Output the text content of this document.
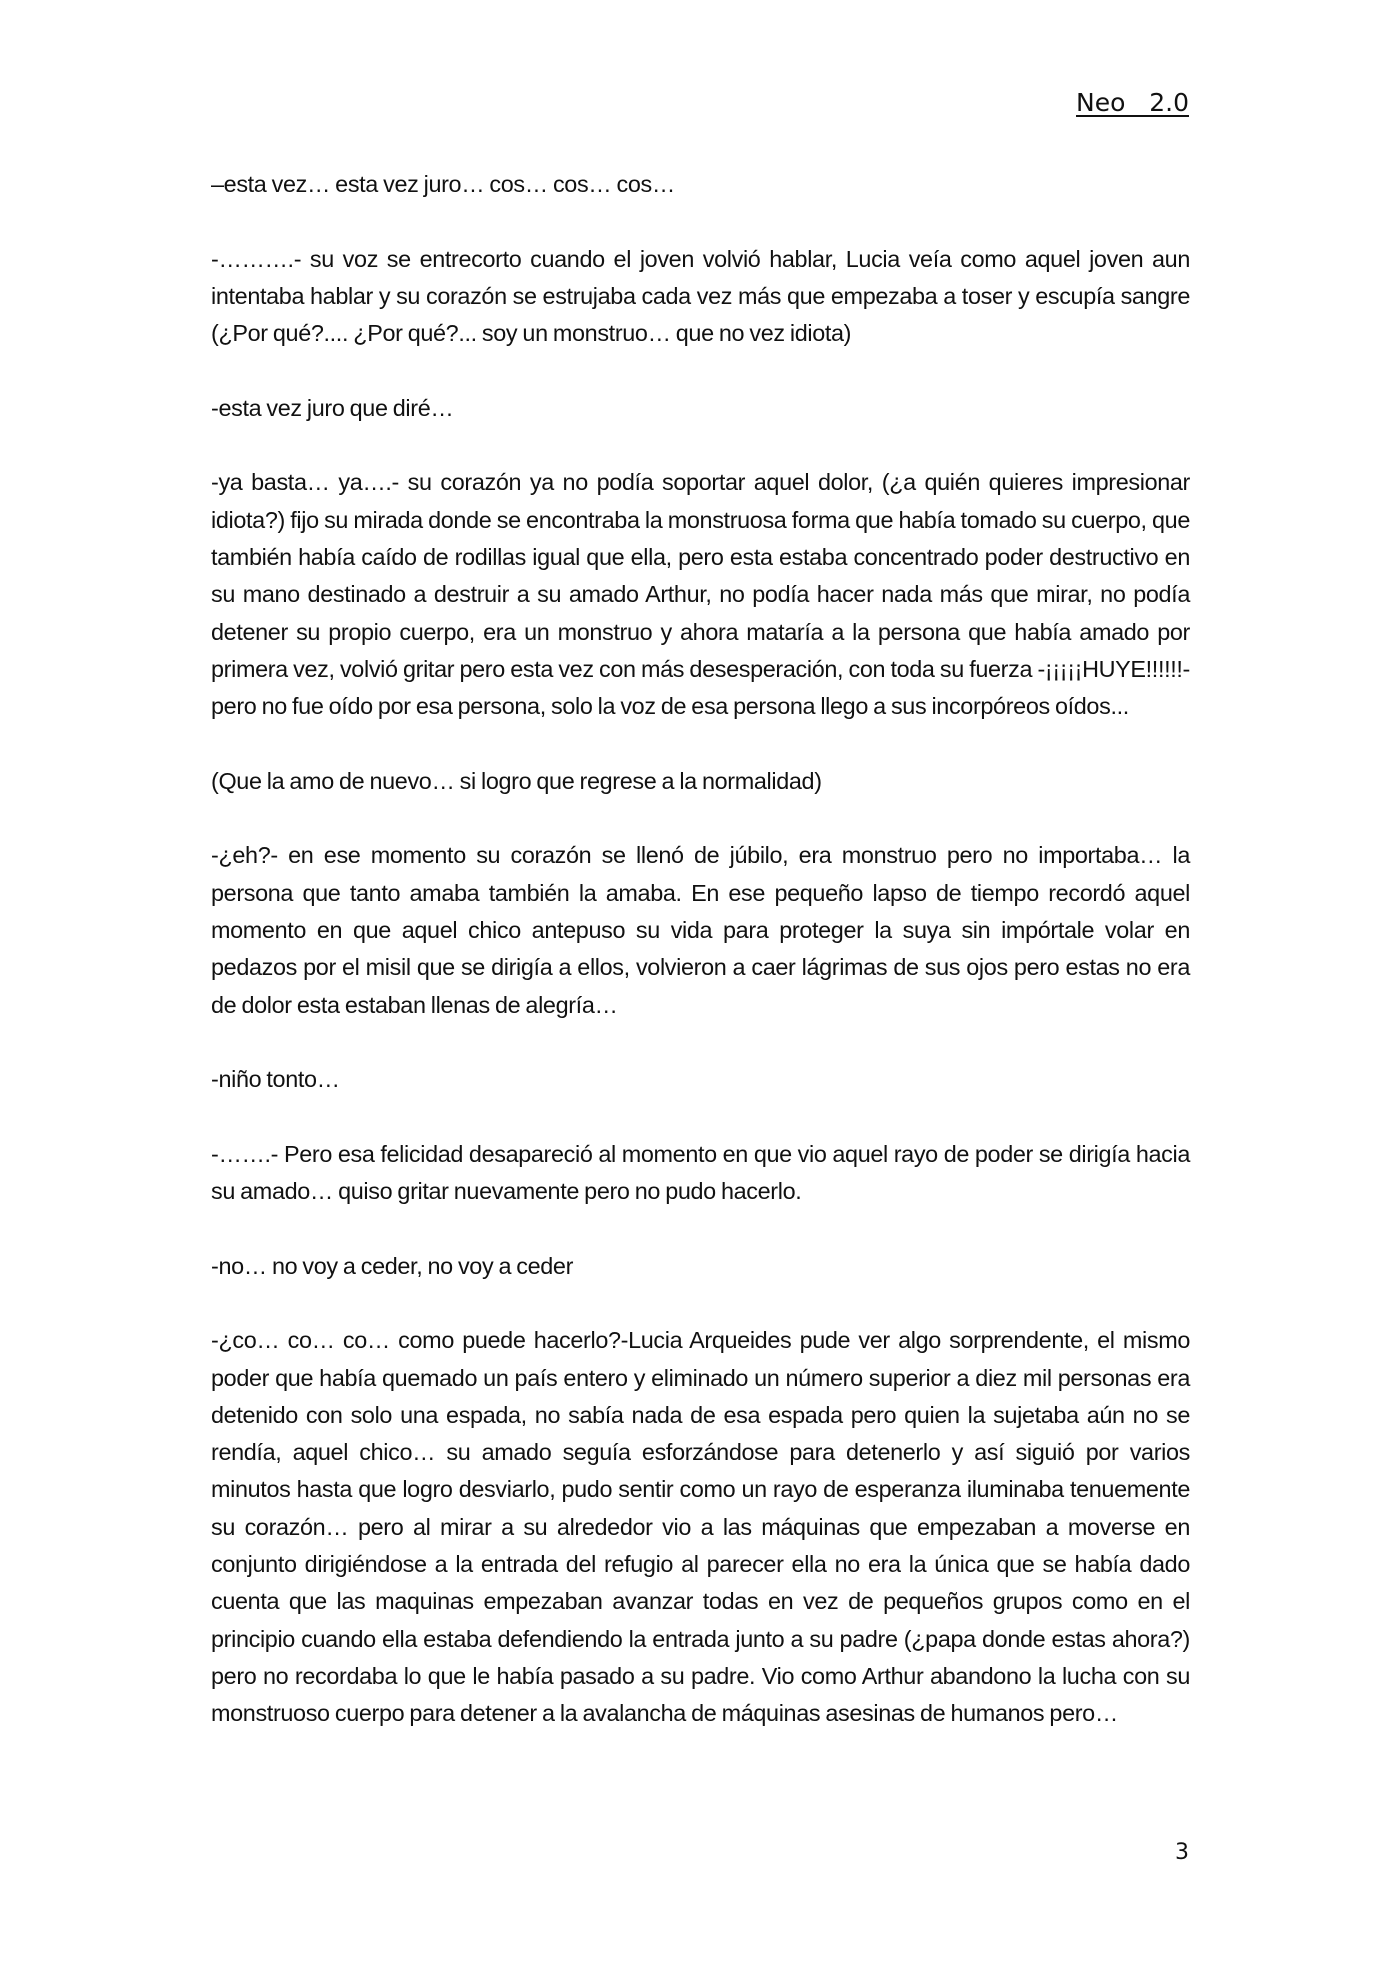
Neo   2.0

–esta vez… esta vez juro… cos… cos… cos…

-……….- su voz se entrecorto cuando el joven volvió hablar, Lucia veía como aquel joven aun intentaba hablar y su corazón se estrujaba cada vez más que empezaba a toser y escupía sangre (¿Por qué?.... ¿Por qué?... soy un monstruo… que no vez idiota)

-esta vez juro que diré…

-ya basta… ya….- su corazón ya no podía soportar aquel dolor, (¿a quién quieres impresionar idiota?) fijo su mirada donde se encontraba la monstruosa forma que había tomado su cuerpo, que también había caído de rodillas igual que ella, pero esta estaba concentrado poder destructivo en su mano destinado a destruir a su amado Arthur, no podía hacer nada más que mirar, no podía detener su propio cuerpo, era un monstruo y ahora mataría a la persona que había amado por primera vez, volvió gritar pero esta vez con más desesperación, con toda su fuerza -¡¡¡¡¡HUYE!!!!!!- pero no fue oído por esa persona, solo la voz de esa persona llego a sus incorpóreos oídos...

(Que la amo de nuevo… si logro que regrese a la normalidad)

-¿eh?- en ese momento su corazón se llenó de júbilo, era monstruo pero no importaba… la persona que tanto amaba también la amaba. En ese pequeño lapso de tiempo recordó aquel momento en que aquel chico antepuso su vida para proteger la suya sin impórtale volar en pedazos por el misil que se dirigía a ellos, volvieron a caer lágrimas de sus ojos pero estas no era de dolor esta estaban llenas de alegría…

-niño tonto…

-…….- Pero esa felicidad desapareció al momento en que vio aquel rayo de poder se dirigía hacia su amado… quiso gritar nuevamente pero no pudo hacerlo.

-no… no voy a ceder, no voy a ceder

-¿co… co… co… como puede hacerlo?-Lucia Arqueides pude ver algo sorprendente, el mismo poder que había quemado un país entero y eliminado un número superior a diez mil personas era detenido con solo una espada, no sabía nada de esa espada pero quien la sujetaba aún no se rendía, aquel chico… su amado seguía esforzándose para detenerlo y así siguió por varios minutos hasta que logro desviarlo, pudo sentir como un rayo de esperanza iluminaba tenuemente su corazón… pero al mirar a su alrededor vio a las máquinas que empezaban a moverse en conjunto dirigiéndose a la entrada del refugio al parecer ella no era la única que se había dado cuenta que las maquinas empezaban avanzar todas en vez de pequeños grupos como en el principio cuando ella estaba defendiendo la entrada junto a su padre (¿papa donde estas ahora?) pero no recordaba lo que le había pasado a su padre. Vio como Arthur abandono la lucha con su monstruoso cuerpo para detener a la avalancha de máquinas asesinas de humanos pero…

3
